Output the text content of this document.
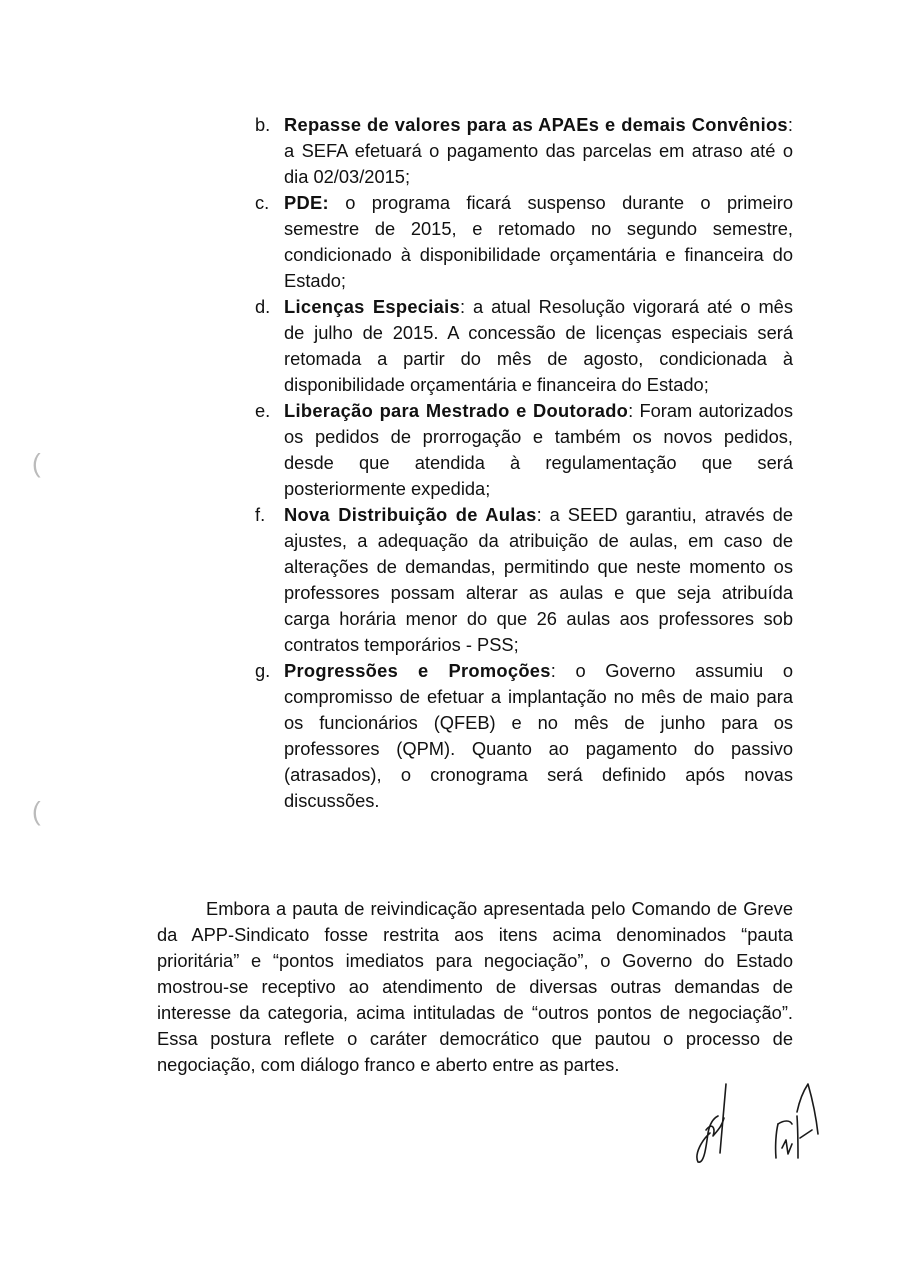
(
(
b. Repasse de valores para as APAEs e demais Convênios: a SEFA efetuará o pagamento das parcelas em atraso até o dia 02/03/2015;
c. PDE: o programa ficará suspenso durante o primeiro semestre de 2015, e retomado no segundo semestre, condicionado à disponibilidade orçamentária e financeira do Estado;
d. Licenças Especiais: a atual Resolução vigorará até o mês de julho de 2015. A concessão de licenças especiais será retomada a partir do mês de agosto, condicionada à disponibilidade orçamentária e financeira do Estado;
e. Liberação para Mestrado e Doutorado: Foram autorizados os pedidos de prorrogação e também os novos pedidos, desde que atendida à regulamentação que será posteriormente expedida;
f. Nova Distribuição de Aulas: a SEED garantiu, através de ajustes, a adequação da atribuição de aulas, em caso de alterações de demandas, permitindo que neste momento os professores possam alterar as aulas e que seja atribuída carga horária menor do que 26 aulas aos professores sob contratos temporários - PSS;
g. Progressões e Promoções: o Governo assumiu o compromisso de efetuar a implantação no mês de maio para os funcionários (QFEB) e no mês de junho para os professores (QPM). Quanto ao pagamento do passivo (atrasados), o cronograma será definido após novas discussões.

Embora a pauta de reivindicação apresentada pelo Comando de Greve da APP-Sindicato fosse restrita aos itens acima denominados “pauta prioritária” e “pontos imediatos para negociação”, o Governo do Estado mostrou-se receptivo ao atendimento de diversas outras demandas de interesse da categoria, acima intituladas de “outros pontos de negociação”. Essa postura reflete o caráter democrático que pautou o processo de negociação, com diálogo franco e aberto entre as partes.
